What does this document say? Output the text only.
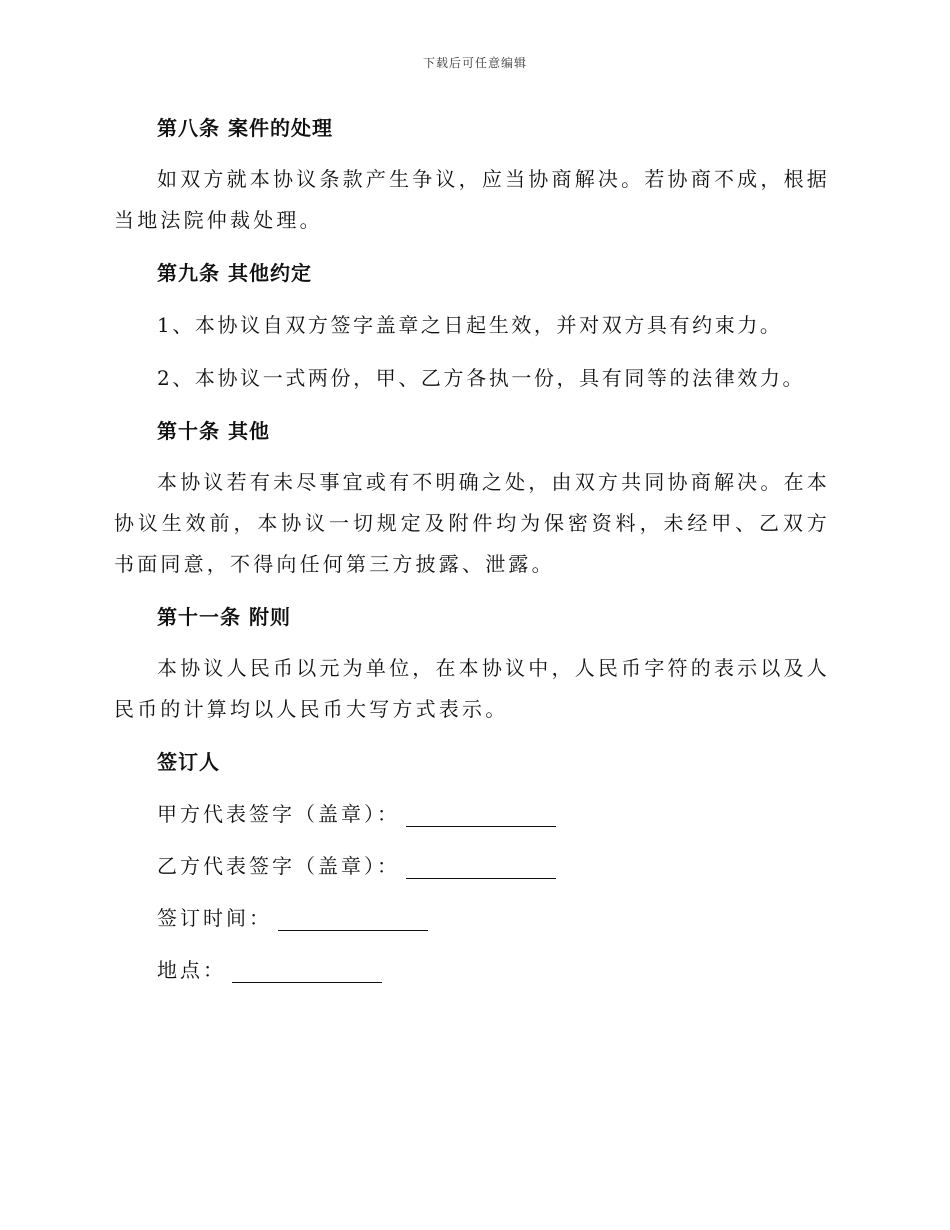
下载后可任意编辑
第八条 案件的处理

如双方就本协议条款产生争议，应当协商解决。若协商不成，根据当地法院仲裁处理。

第九条 其他约定

1、本协议自双方签字盖章之日起生效，并对双方具有约束力。

2、本协议一式两份，甲、乙方各执一份，具有同等的法律效力。

第十条 其他

本协议若有未尽事宜或有不明确之处，由双方共同协商解决。在本协议生效前，本协议一切规定及附件均为保密资料，未经甲、乙双方书面同意，不得向任何第三方披露、泄露。

第十一条 附则

本协议人民币以元为单位，在本协议中，人民币字符的表示以及人民币的计算均以人民币大写方式表示。

签订人

甲方代表签字（盖章）：

乙方代表签字（盖章）：

签订时间：

地点：
